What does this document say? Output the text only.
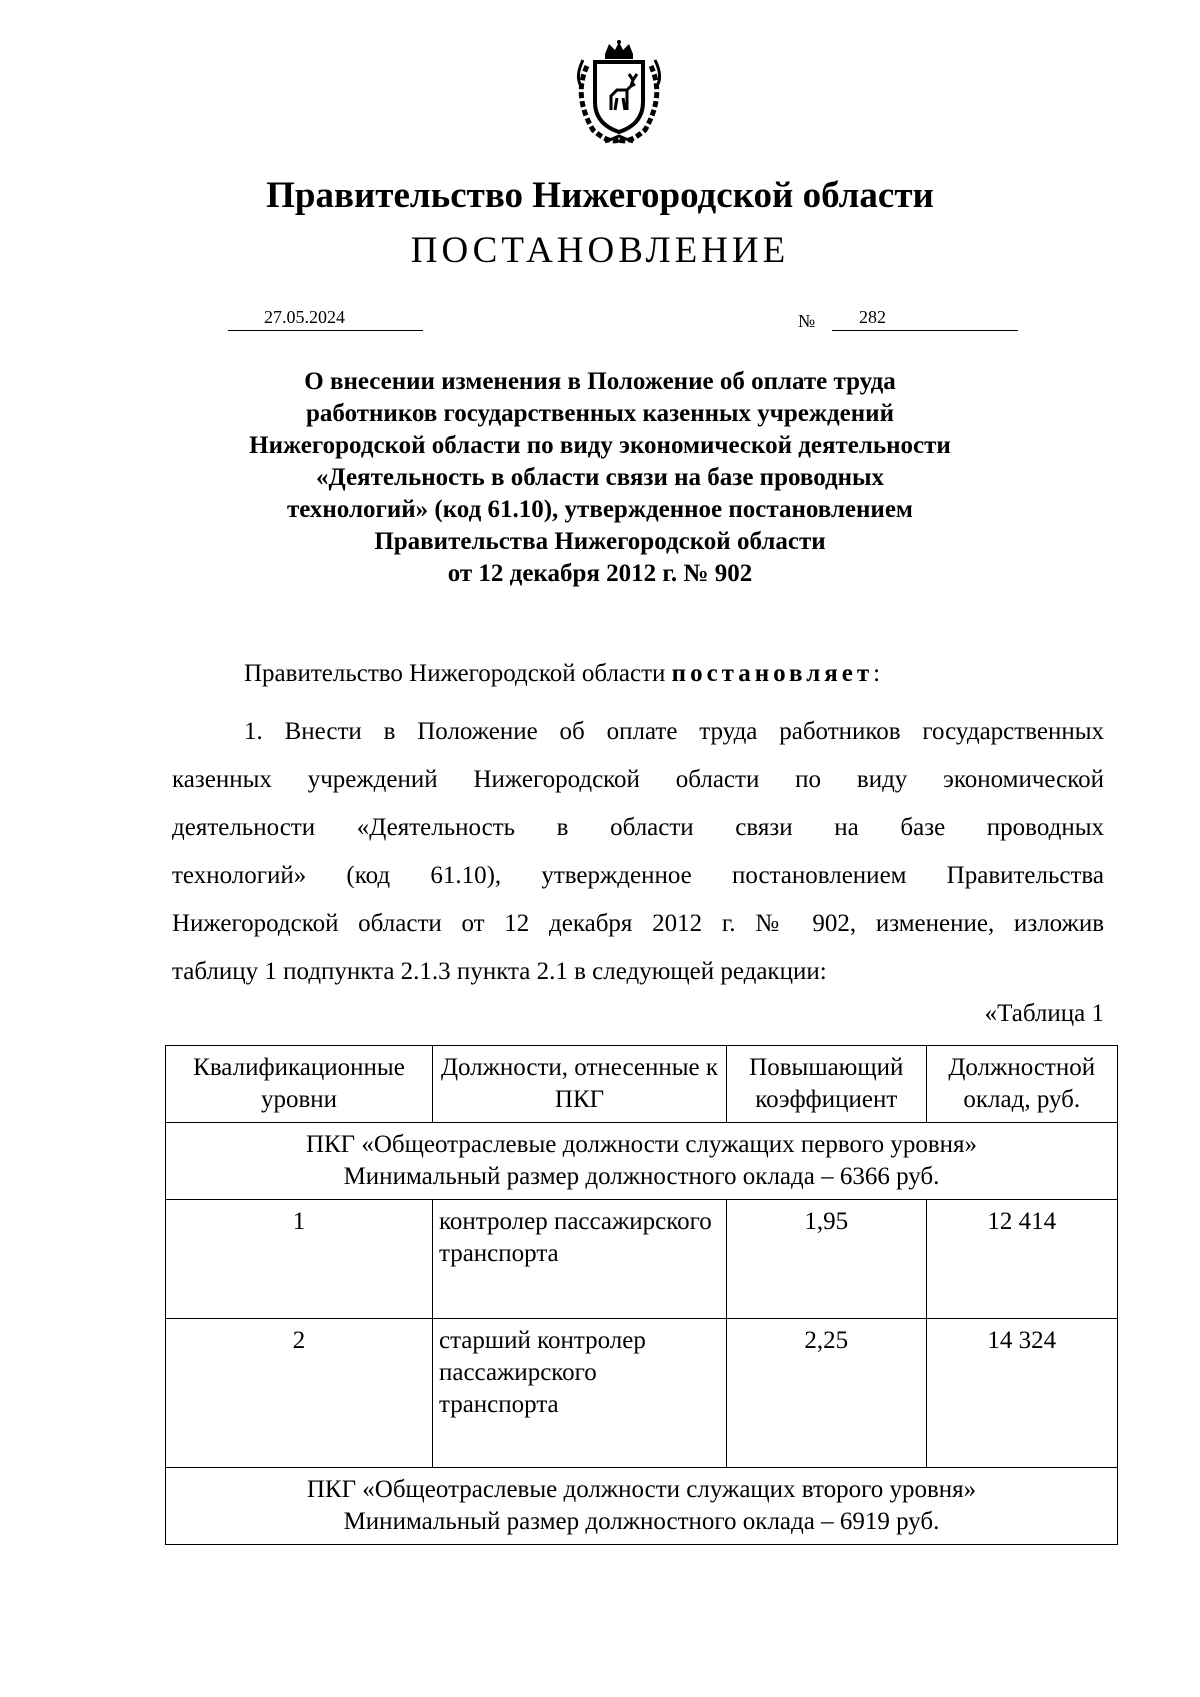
Правительство Нижегородской области
ПОСТАНОВЛЕНИЕ
27.05.2024	№ 282
О внесении изменения в Положение об оплате труда
работников государственных казенных учреждений
Нижегородской области по виду экономической деятельности
«Деятельность в области связи на базе проводных
технологий» (код 61.10), утвержденное постановлением
Правительства Нижегородской области
от 12 декабря 2012 г. № 902
Правительство Нижегородской области постановляет:
1. Внести в Положение об оплате труда работников государственных
казенных учреждений Нижегородской области по виду экономической
деятельности «Деятельность в области связи на базе проводных
технологий» (код 61.10), утвержденное постановлением Правительства
Нижегородской области от 12 декабря 2012 г. № 902, изменение, изложив
таблицу 1 подпункта 2.1.3 пункта 2.1 в следующей редакции:
«Таблица 1
Квалификационные уровни	Должности, отнесенные к ПКГ	Повышающий коэффициент	Должностной оклад, руб.

ПКГ «Общеотраслевые должности служащих первого уровня»
Минимальный размер должностного оклада – 6366 руб.			

1	контролер пассажирского транспорта	1,95	12 414
2	старший контролер пассажирского транспорта	2,25	14 324

ПКГ «Общеотраслевые должности служащих второго уровня»
Минимальный размер должностного оклада – 6919 руб.			
